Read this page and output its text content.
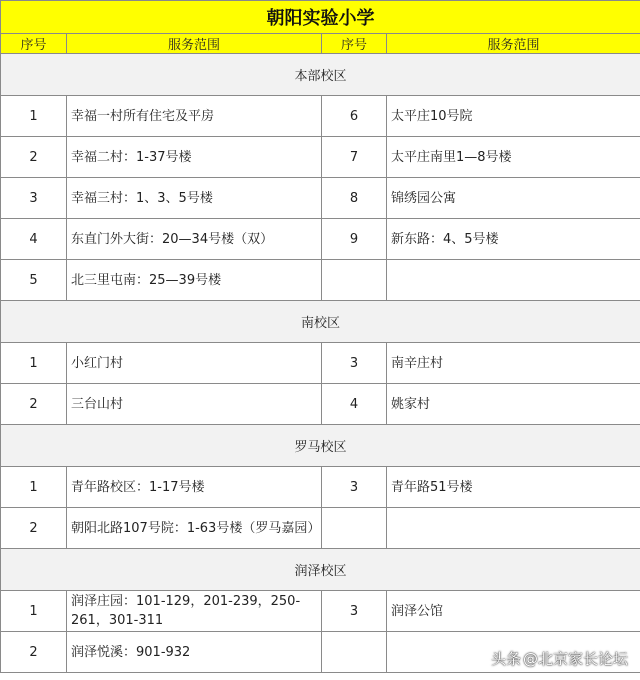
朝阳实验小学			
序号	服务范围	序号	服务范围
本部校区			
1	幸福一村所有住宅及平房	6	太平庄10号院
2	幸福二村：1-37号楼	7	太平庄南里1—8号楼
3	幸福三村：1、3、5号楼	8	锦绣园公寓
4	东直门外大街：20—34号楼（双）	9	新东路：4、5号楼
5	北三里屯南：25—39号楼		
南校区			
1	小红门村	3	南辛庄村
2	三台山村	4	姚家村
罗马校区			
1	青年路校区：1-17号楼	3	青年路51号楼
2	朝阳北路107号院：1-63号楼（罗马嘉园）		
润泽校区			
1	润泽庄园：101-129，201-239，250-261，301-311	3	润泽公馆
2	润泽悦溪：901-932			头条 @北京家长论坛
